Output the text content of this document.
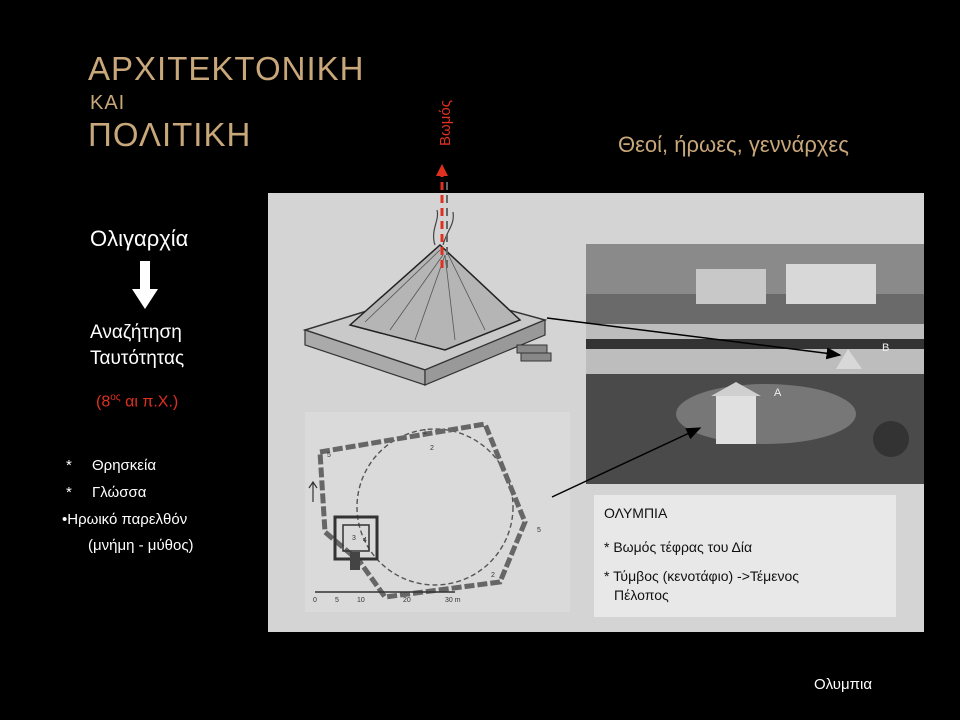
ΑΡΧΙΤΕΚΤΟΝΙΚΗ
ΚΑΙ
ΠΟΛΙΤΙΚΗ	Θεοί, ήρωες, γεννάρχες
Βωμός
Ολιγαρχία
Αναζήτηση
Ταυτότητας
($8^{o\varsigma}$ αι π.Χ.)
* Θρησκεία
* Γλώσσα
•Ηρωικό παρελθόν
(μνήμη - μύθος)
0	5	10	20	30 m
1
2
3 4
5
5
2
A
B
ΟΛΥΜΠΙΑ
* Βωμός τέφρας του Δία
* Τύμβος (κενοτάφιο) ->Τέμενος
Πέλοπος
Ολυμπια
